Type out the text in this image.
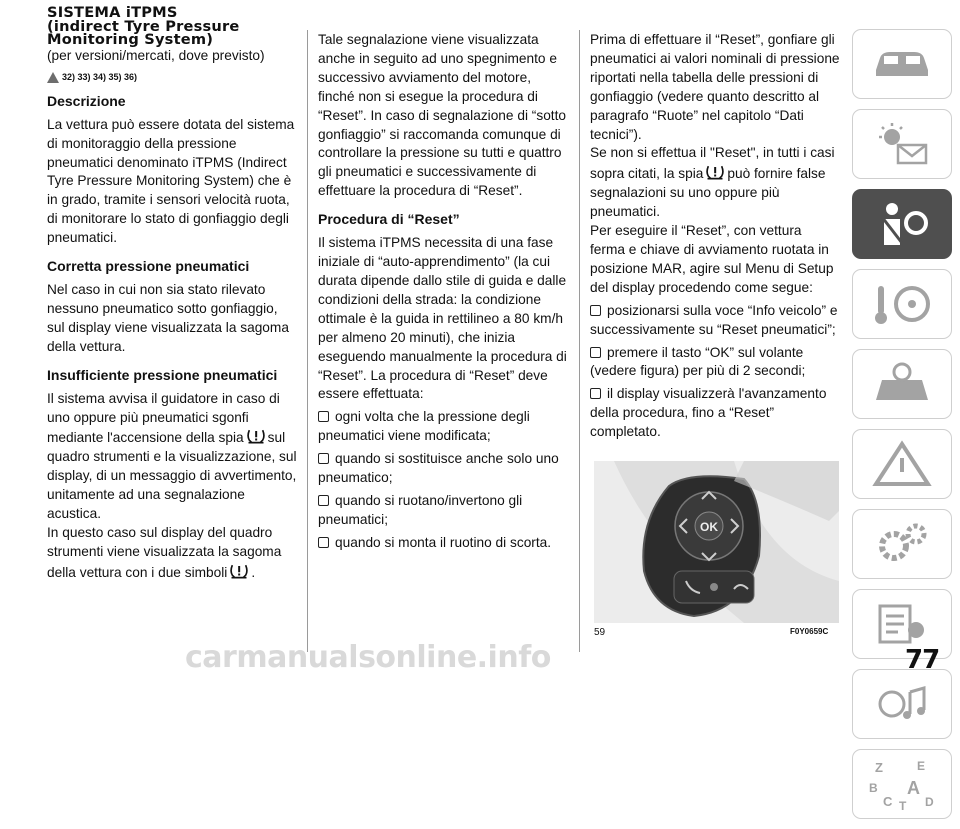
SISTEMA iTPMS
(indirect Tyre Pressure
Monitoring System)
(per versioni/mercati, dove previsto)
32) 33) 34) 35) 36)
Descrizione

La vettura può essere dotata del sistema di monitoraggio della pressione pneumatici denominato iTPMS (Indirect Tyre Pressure Monitoring System) che è in grado, tramite i sensori velocità ruota, di monitorare lo stato di gonfiaggio degli pneumatici.

Corretta pressione pneumatici

Nel caso in cui non sia stato rilevato nessuno pneumatico sotto gonfiaggio, sul display viene visualizzata la sagoma della vettura.

Insufficiente pressione pneumatici

Il sistema avvisa il guidatore in caso di uno oppure più pneumatici sgonfi mediante l'accensione della spia sul quadro strumenti e la visualizzazione, sul display, di un messaggio di avvertimento, unitamente ad una segnalazione acustica.

In questo caso sul display del quadro strumenti viene visualizzata la sagoma della vettura con i due simboli .

Tale segnalazione viene visualizzata anche in seguito ad uno spegnimento e successivo avviamento del motore, finché non si esegue la procedura di “Reset”. In caso di segnalazione di “sotto gonfiaggio” si raccomanda comunque di controllare la pressione su tutti e quattro gli pneumatici e successivamente di effettuare la procedura di “Reset”.

Procedura di “Reset”

Il sistema iTPMS necessita di una fase iniziale di “auto-apprendimento” (la cui durata dipende dallo stile di guida e dalle condizioni della strada: la condizione ottimale è la guida in rettilineo a 80 km/h per almeno 20 minuti), che inizia eseguendo manualmente la procedura di “Reset”. La procedura di “Reset” deve essere effettuata:

ogni volta che la pressione degli pneumatici viene modificata;

quando si sostituisce anche solo uno pneumatico;

quando si ruotano/invertono gli pneumatici;

quando si monta il ruotino di scorta.

Prima di effettuare il “Reset”, gonfiare gli pneumatici ai valori nominali di pressione riportati nella tabella delle pressioni di gonfiaggio (vedere quanto descritto al paragrafo “Ruote” nel capitolo “Dati tecnici”).

Se non si effettua il "Reset", in tutti i casi sopra citati, la spia può fornire false segnalazioni su uno oppure più pneumatici.

Per eseguire il “Reset”, con vettura ferma e chiave di avviamento ruotata in posizione MAR, agire sul Menu di Setup del display procedendo come segue:

posizionarsi sulla voce “Info veicolo” e successivamente su “Reset pneumatici”;

premere il tasto “OK” sul volante (vedere figura) per più di 2 secondi;

il display visualizzerà l'avanzamento della procedura, fino a “Reset” completato.

OK
59	F0Y0659C
Z	E
B A
C	D
T
77
carmanualsonline.info
